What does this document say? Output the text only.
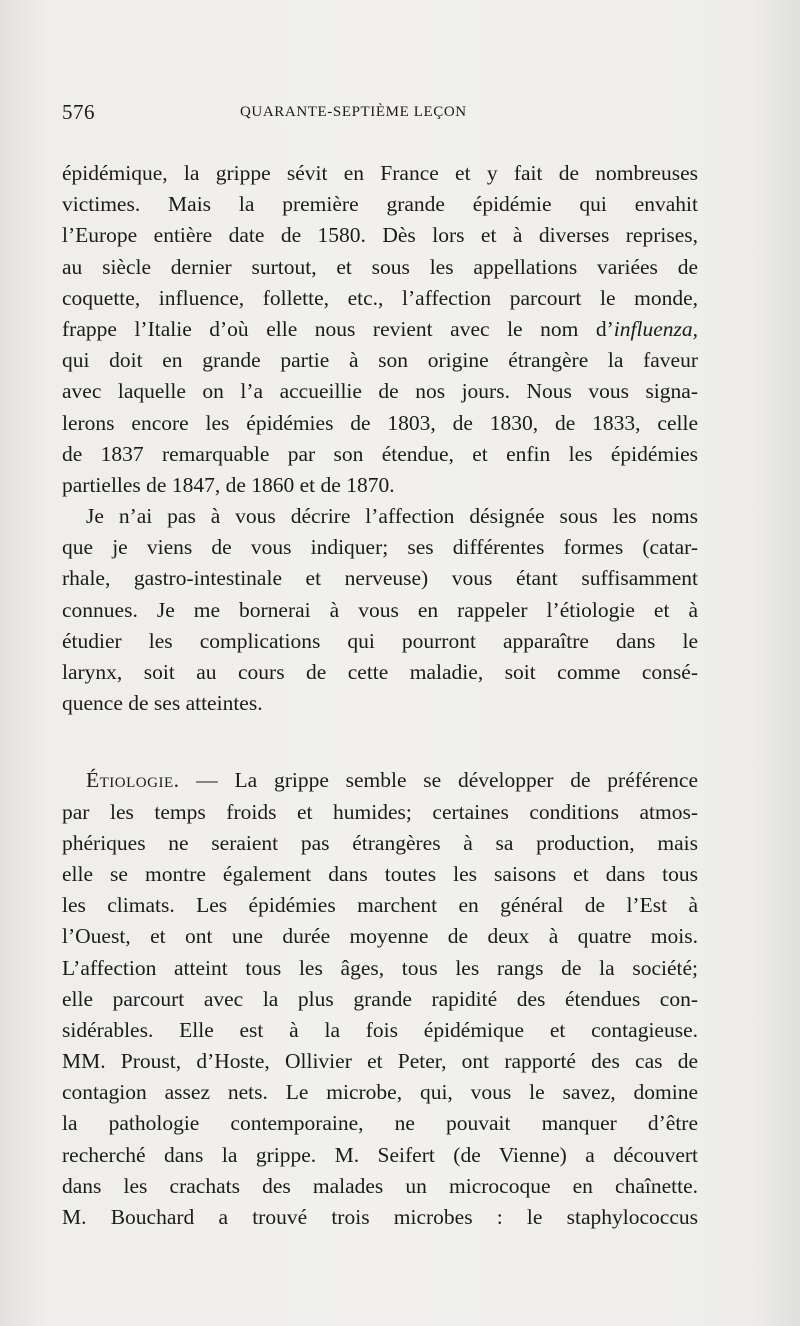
576	QUARANTE-SEPTIÈME LEÇON
épidémique, la grippe sévit en France et y fait de nombreuses
victimes. Mais la première grande épidémie qui envahit
l’Europe entière date de 1580. Dès lors et à diverses reprises,
au siècle dernier surtout, et sous les appellations variées de
coquette, influence, follette, etc., l’affection parcourt le monde,
frappe l’Italie d’où elle nous revient avec le nom d’influenza,
qui doit en grande partie à son origine étrangère la faveur
avec laquelle on l’a accueillie de nos jours. Nous vous signa-
lerons encore les épidémies de 1803, de 1830, de 1833, celle
de 1837 remarquable par son étendue, et enfin les épidémies
partielles de 1847, de 1860 et de 1870.
Je n’ai pas à vous décrire l’affection désignée sous les noms
que je viens de vous indiquer; ses différentes formes (catar-
rhale, gastro-intestinale et nerveuse) vous étant suffisamment
connues. Je me bornerai à vous en rappeler l’étiologie et à
étudier les complications qui pourront apparaître dans le
larynx, soit au cours de cette maladie, soit comme consé-
quence de ses atteintes.
Étiologie. — La grippe semble se développer de préférence
par les temps froids et humides; certaines conditions atmos-
phériques ne seraient pas étrangères à sa production, mais
elle se montre également dans toutes les saisons et dans tous
les climats. Les épidémies marchent en général de l’Est à
l’Ouest, et ont une durée moyenne de deux à quatre mois.
L’affection atteint tous les âges, tous les rangs de la société;
elle parcourt avec la plus grande rapidité des étendues con-
sidérables. Elle est à la fois épidémique et contagieuse.
MM. Proust, d’Hoste, Ollivier et Peter, ont rapporté des cas de
contagion assez nets. Le microbe, qui, vous le savez, domine
la pathologie contemporaine, ne pouvait manquer d’être
recherché dans la grippe. M. Seifert (de Vienne) a découvert
dans les crachats des malades un microcoque en chaînette.
M. Bouchard a trouvé trois microbes : le staphylococcus
